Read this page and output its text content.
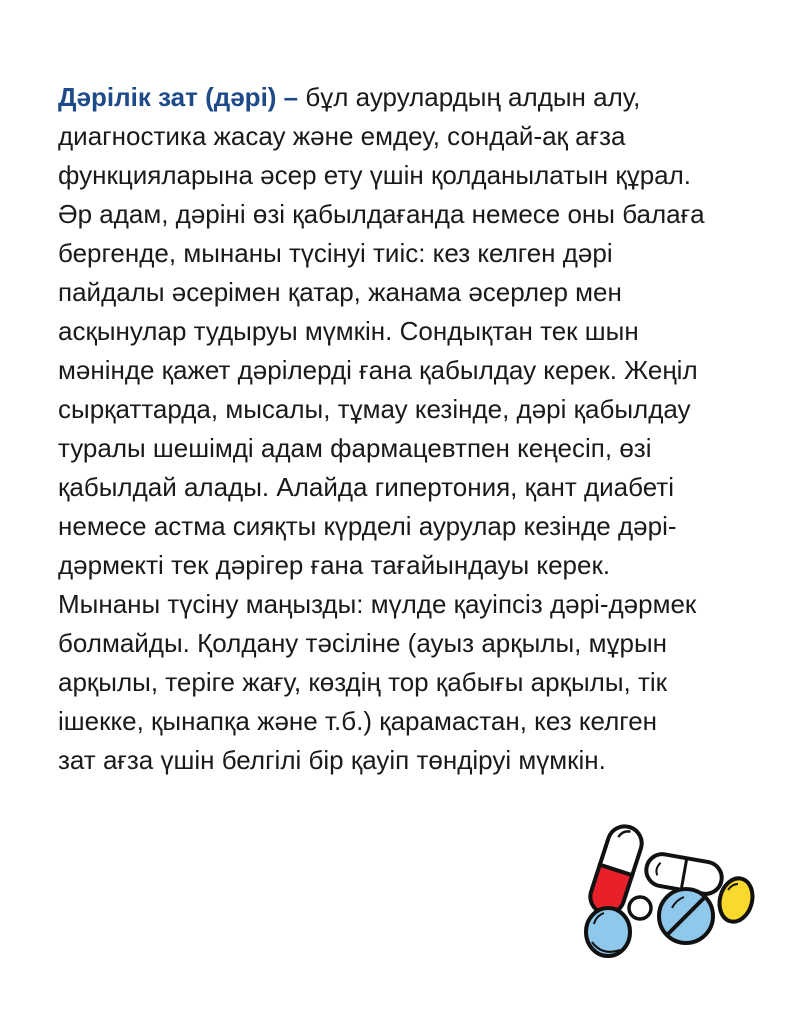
Дәрілік зат (дәрі) – бұл аурулардың алдын алу,
диагностика жасау және емдеу, сондай-ақ ағза
функцияларына әсер ету үшін қолданылатын құрал.
Әр адам, дәріні өзі қабылдағанда немесе оны балаға
бергенде, мынаны түсінуі тиіс: кез келген дәрі
пайдалы әсерімен қатар, жанама әсерлер мен
асқынулар тудыруы мүмкін. Сондықтан тек шын
мәнінде қажет дәрілерді ғана қабылдау керек. Жеңіл
сырқаттарда, мысалы, тұмау кезінде, дәрі қабылдау
туралы шешімді адам фармацевтпен кеңесіп, өзі
қабылдай алады. Алайда гипертония, қант диабеті
немесе астма сияқты күрделі аурулар кезінде дәрі-
дәрмекті тек дәрігер ғана тағайындауы керек.
Мынаны түсіну маңызды: мүлде қауіпсіз дәрі-дәрмек
болмайды. Қолдану тәсіліне (ауыз арқылы, мұрын
арқылы, теріге жағу, көздің тор қабығы арқылы, тік
ішекке, қынапқа және т.б.) қарамастан, кез келген
зат ағза үшін белгілі бір қауіп төндіруі мүмкін.
